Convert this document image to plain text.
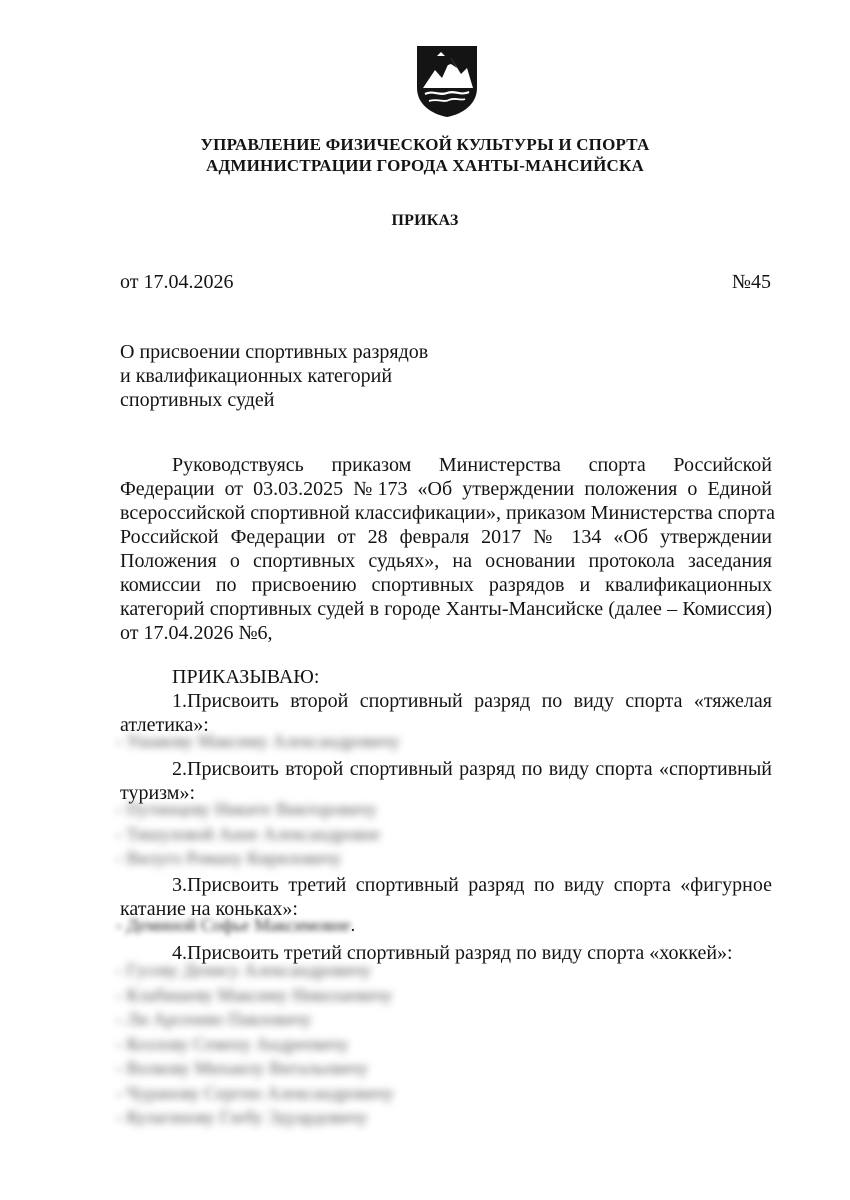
УПРАВЛЕНИЕ ФИЗИЧЕСКОЙ КУЛЬТУРЫ И СПОРТА
АДМИНИСТРАЦИИ ГОРОДА ХАНТЫ-МАНСИЙСКА
ПРИКАЗ
от 17.04.2026	№45
О присвоении спортивных разрядов
и квалификационных категорий
спортивных судей
Руководствуясь приказом Министерства спорта Российской
Федерации от 03.03.2025 №173 «Об утверждении положения о Единой
всероссийской спортивной классификации», приказом Министерства спорта
Российской Федерации от 28 февраля 2017 № 134 «Об утверждении
Положения о спортивных судьях», на основании протокола заседания
комиссии по присвоению спортивных разрядов и квалификационных
категорий спортивных судей в городе Ханты-Мансийске (далее – Комиссия)
от 17.04.2026 №6,
ПРИКАЗЫВАЮ:
1.Присвоить второй спортивный разряд по виду спорта «тяжелая
атлетика»:
- Ушакову Максиму Александровичу
2.Присвоить второй спортивный разряд по виду спорта «спортивный
туризм»:
- Путинцеву Никите Викторовичу
- Тишуловой Анне Александровне
- Вилуго Роману Кириловичу
3.Присвоить третий спортивный разряд по виду спорта «фигурное
катание на коньках»:
- Деминой Софье Максимовне.
4.Присвоить третий спортивный разряд по виду спорта «хоккей»:
- Гусеву Денису Александровичу
- Клабишеву Максиму Николаевичу
- Ли Арсению Павловичу
- Козлову Семену Андреевичу
- Волкову Михаилу Витальевичу
- Чуранову Сергею Александровичу
- Кулагинову Глебу Эдуардовичу
